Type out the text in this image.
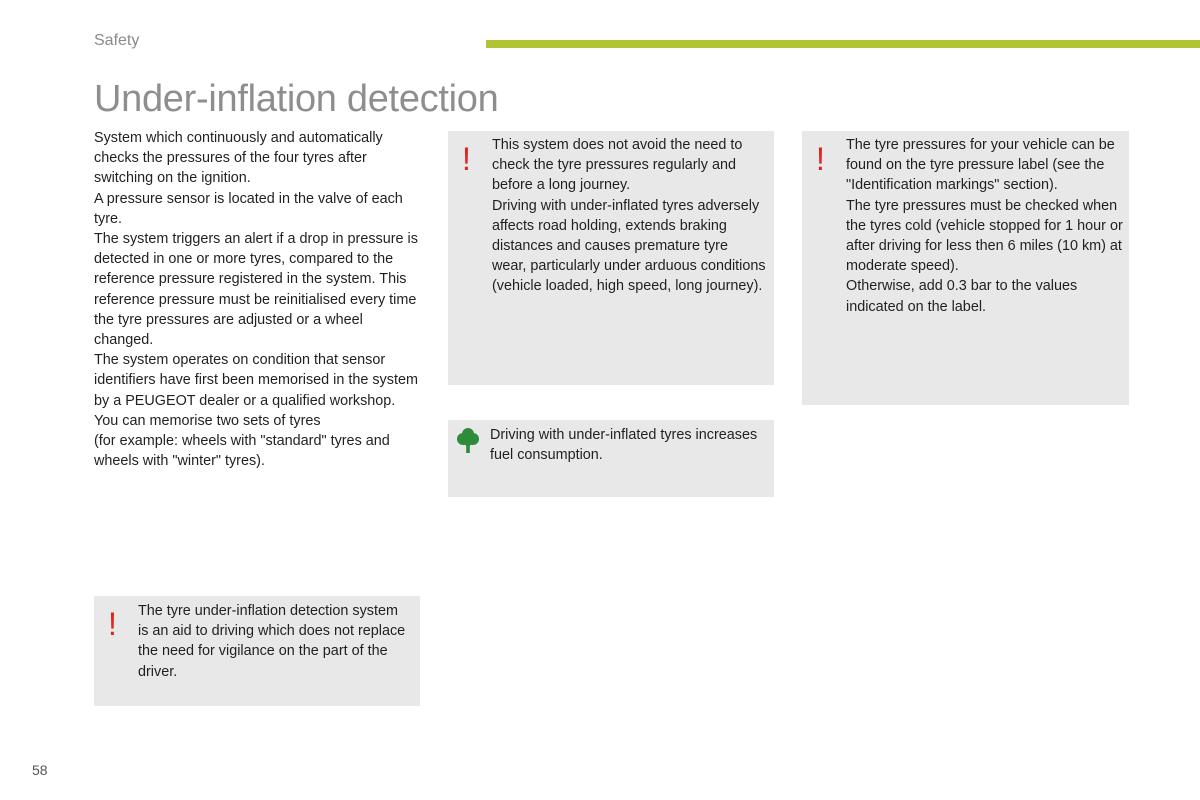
Safety
Under-inflation detection

System which continuously and automatically checks the pressures of the four tyres after switching on the ignition.

A pressure sensor is located in the valve of each tyre.

The system triggers an alert if a drop in pressure is detected in one or more tyres, compared to the reference pressure registered in the system. This reference pressure must be reinitialised every time the tyre pressures are adjusted or a wheel changed.

The system operates on condition that sensor identifiers have first been memorised in the system by a PEUGEOT dealer or a qualified workshop.

You can memorise two sets of tyres

(for example: wheels with "standard" tyres and wheels with "winter" tyres).

! The tyre under-inflation detection system is an aid to driving which does not replace the need for vigilance on the part of the driver.
! This system does not avoid the need to check the tyre pressures regularly and before a long journey.

Driving with under-inflated tyres adversely affects road holding, extends braking distances and causes premature tyre wear, particularly under arduous conditions (vehicle loaded, high speed, long journey).

Driving with under-inflated tyres increases fuel consumption.
! The tyre pressures for your vehicle can be found on the tyre pressure label (see the "Identification markings" section).

The tyre pressures must be checked when the tyres cold (vehicle stopped for 1 hour or after driving for less then 6 miles (10 km) at moderate speed).

Otherwise, add 0.3 bar to the values indicated on the label.

58
